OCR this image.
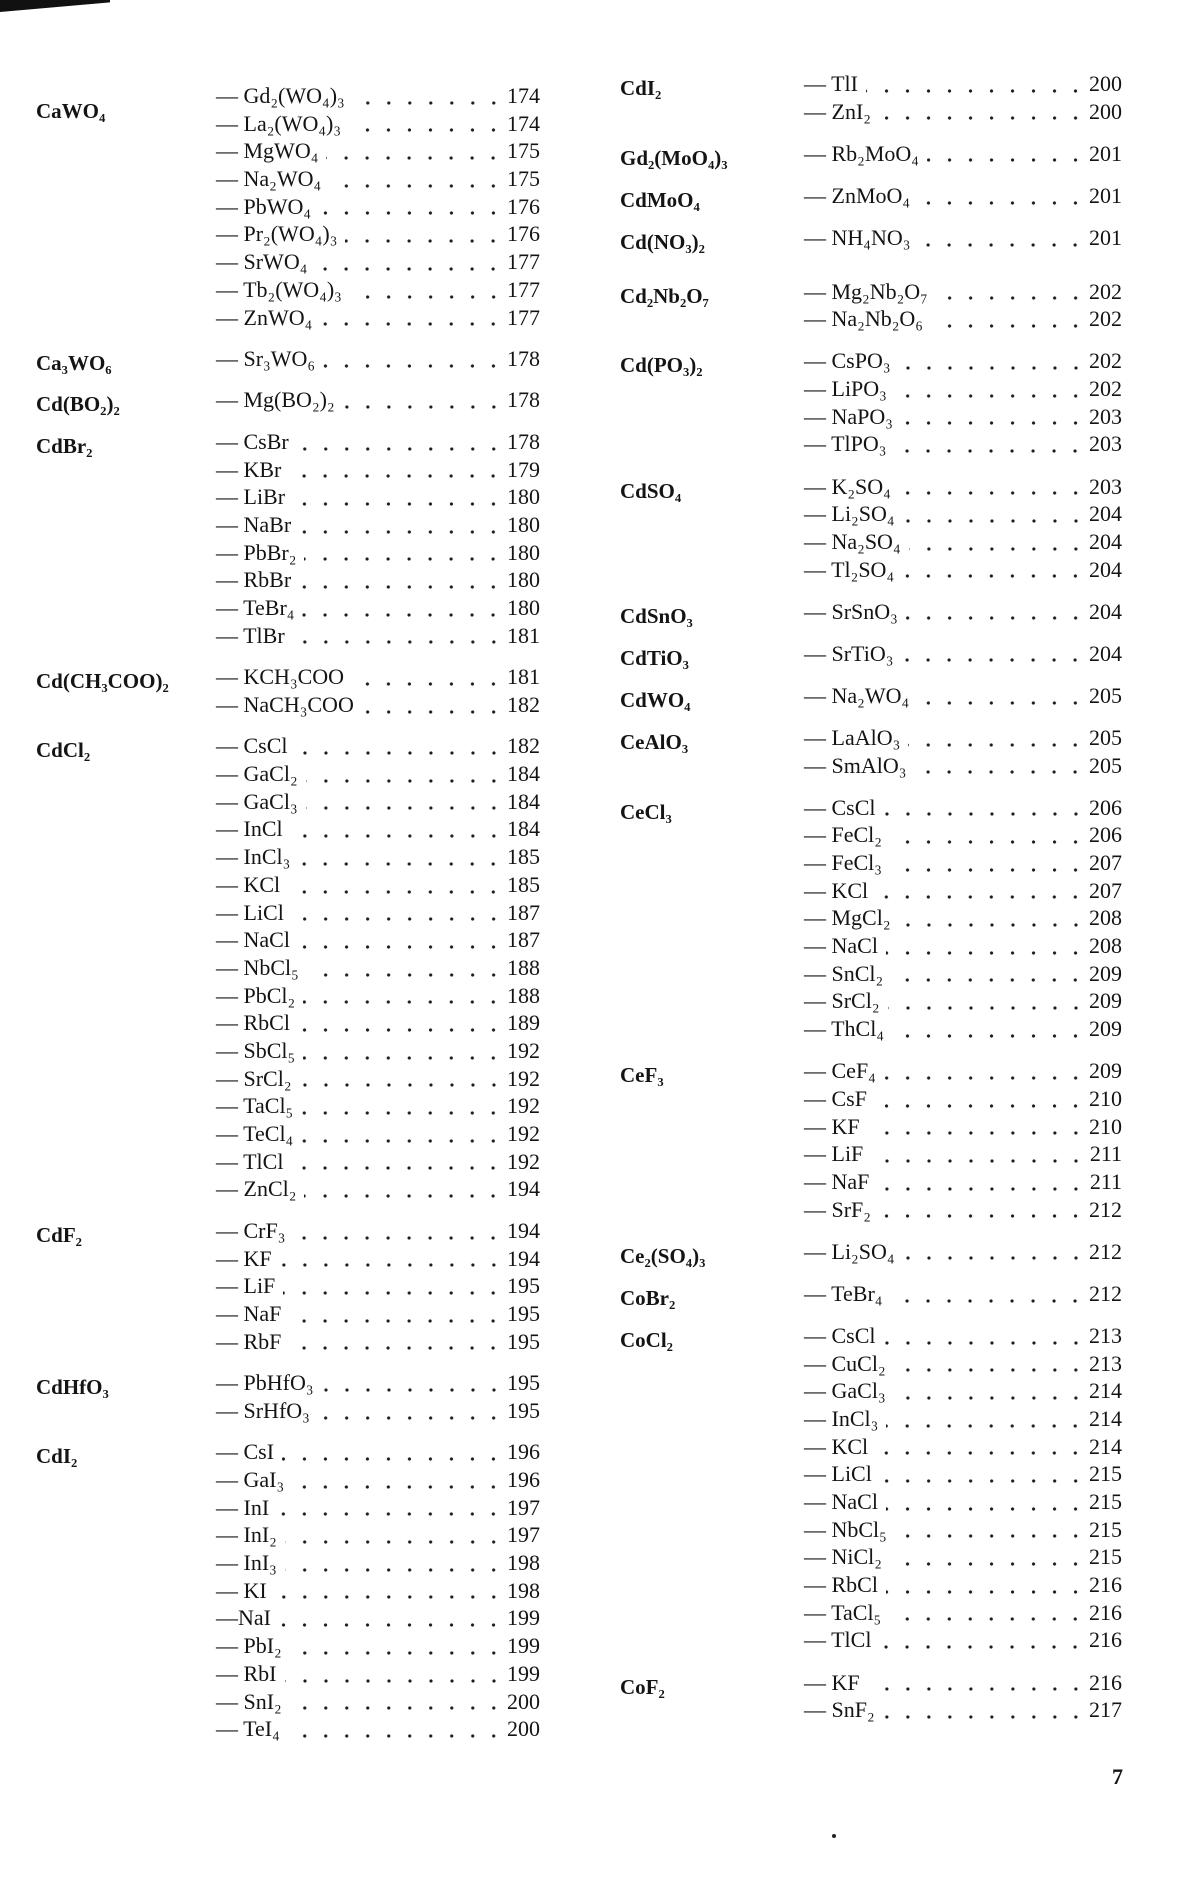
CaWO₄
— Gd₂(WO₄)₃	174
— La₂(WO₄)₃	174
— MgWO₄	175
— Na₂WO₄	175
— PbWO₄	176
— Pr₂(WO₄)₃	176
— SrWO₄	177
— Tb₂(WO₄)₃	177
— ZnWO₄	177
Ca₃WO₆	— Sr₃WO₆	178
Cd(BO₂)₂	— Mg(BO₂)₂	178
CdBr₂	— CsBr	178
— KBr	179
— LiBr	180
— NaBr	180
— PbBr₂	180
— RbBr	180
— TeBr₄	180
— TlBr	181
Cd(CH₃COO)₂	— KCH₃COO	181
— NaCH₃COO	182
CdCl₂	— CsCl	182
— GaCl₂	184
— GaCl₃	184
— InCl	184
— InCl₃	185
— KCl	185
— LiCl	187
— NaCl	187
— NbCl₅	188
— PbCl₂	188
— RbCl	189
— SbCl₅	192
— SrCl₂	192
— TaCl₅	192
— TeCl₄	192
— TlCl	192
— ZnCl₂	194
CdF₂	— CrF₃	194
— KF	194
— LiF	195
— NaF	195
— RbF	195
CdHfO₃	— PbHfO₃	195
— SrHfO₃	195
CdI₂	— CsI	196
— GaI₃	196
— InI	197
— InI₂	197
— InI₃	198
— KI	198
—NaI	199
— PbI₂	199
— RbI	199
— SnI₂	200
— TeI₄	200
CdI₂	— TlI	200
— ZnI₂	200
Gd₂(MoO₄)₃	— Rb₂MoO₄	201
CdMoO₄	— ZnMoO₄	201
Cd(NO₃)₂	— NH₄NO₃	201
Cd₂Nb₂O₇	— Mg₂Nb₂O₇	202
— Na₂Nb₂O₆	202
Cd(PO₃)₂	— CsPO₃	202
— LiPO₃	202
— NaPO₃	203
— TlPO₃	203
CdSO₄	— K₂SO₄	203
— Li₂SO₄	204
— Na₂SO₄	204
— Tl₂SO₄	204
CdSnO₃	— SrSnO₃	204
CdTiO₃	— SrTiO₃	204
CdWO₄	— Na₂WO₄	205
CeAlO₃	— LaAlO₃	205
— SmAlO₃	205
CeCl₃	— CsCl	206
— FeCl₂	206
— FeCl₃	207
— KCl	207
— MgCl₂	208
— NaCl	208
— SnCl₂	209
— SrCl₂	209
— ThCl₄	209
CeF₃	— CeF₄	209
— CsF	210
— KF	210
— LiF	211
— NaF	211
— SrF₂	212
Ce₂(SO₄)₃	— Li₂SO₄	212
CoBr₂	— TeBr₄	212
CoCl₂	— CsCl	213
— CuCl₂	213
— GaCl₃	214
— InCl₃	214
— KCl	214
— LiCl	215
— NaCl	215
— NbCl₅	215
— NiCl₂	215
— RbCl	216
— TaCl₅	216
— TlCl	216
CoF₂	— KF	216
— SnF₂	217
7
